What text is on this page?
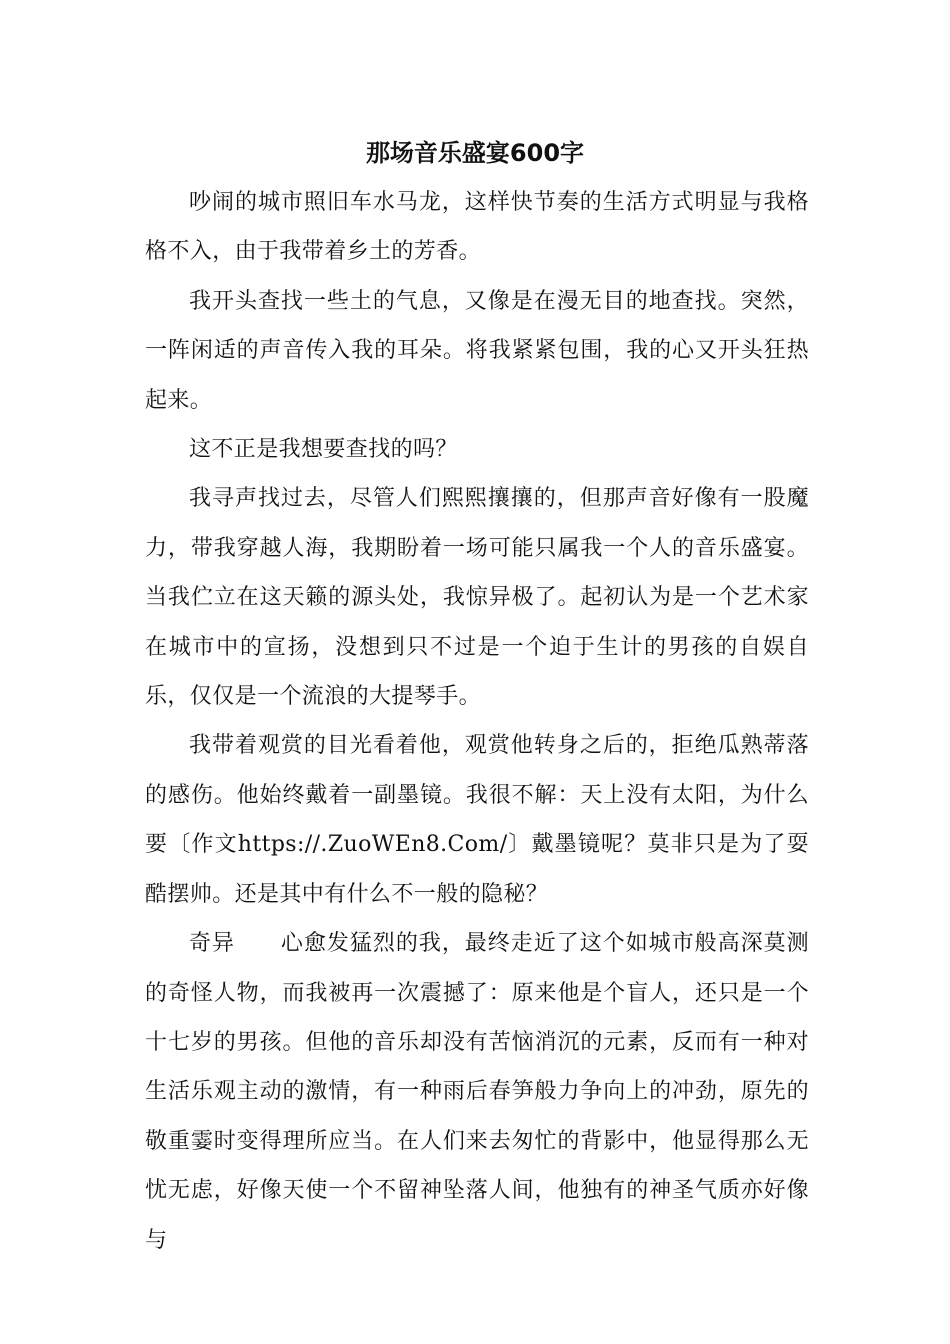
那场音乐盛宴600字

吵闹的城市照旧车水马龙，这样快节奏的生活方式明显与我格格不入，由于我带着乡土的芳香。

我开头查找一些土的气息，又像是在漫无目的地查找。突然，一阵闲适的声音传入我的耳朵。将我紧紧包围，我的心又开头狂热起来。

这不正是我想要查找的吗？

我寻声找过去，尽管人们熙熙攘攘的，但那声音好像有一股魔力，带我穿越人海，我期盼着一场可能只属我一个人的音乐盛宴。当我伫立在这天籁的源头处，我惊异极了。起初认为是一个艺术家在城市中的宣扬，没想到只不过是一个迫于生计的男孩的自娱自乐，仅仅是一个流浪的大提琴手。

我带着观赏的目光看着他，观赏他转身之后的，拒绝瓜熟蒂落的感伤。他始终戴着一副墨镜。我很不解：天上没有太阳，为什么要〔作文https://.ZuoWEn8.Com/〕戴墨镜呢？莫非只是为了耍酷摆帅。还是其中有什么不一般的隐秘？

奇异　　心愈发猛烈的我，最终走近了这个如城市般高深莫测的奇怪人物，而我被再一次震撼了：原来他是个盲人，还只是一个十七岁的男孩。但他的音乐却没有苦恼消沉的元素，反而有一种对生活乐观主动的激情，有一种雨后春笋般力争向上的冲劲，原先的敬重霎时变得理所应当。在人们来去匆忙的背影中，他显得那么无忧无虑，好像天使一个不留神坠落人间，他独有的神圣气质亦好像与
